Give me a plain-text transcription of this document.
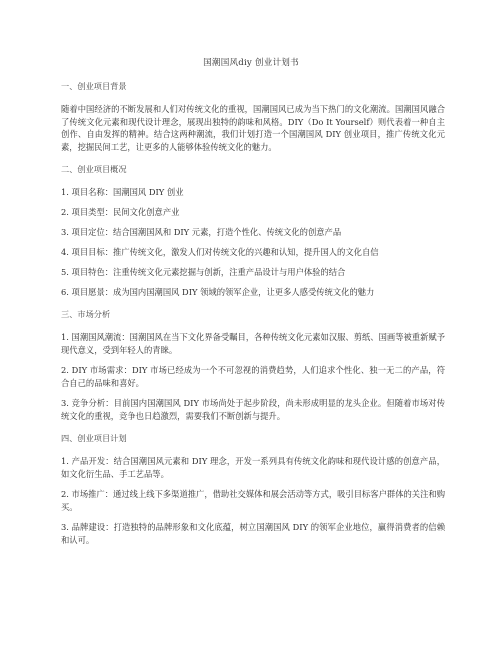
国潮国风diy 创业计划书

一、创业项目背景

随着中国经济的不断发展和人们对传统文化的重视，国潮国风已成为当下热门的文化潮流。国潮国风融合了传统文化元素和现代设计理念，展现出独特的韵味和风格。DIY（Do It Yourself）则代表着一种自主创作、自由发挥的精神。结合这两种潮流，我们计划打造一个国潮国风 DIY 创业项目，推广传统文化元素，挖掘民间工艺，让更多的人能够体验传统文化的魅力。

二、创业项目概况

1. 项目名称：国潮国风 DIY 创业

2. 项目类型：民间文化创意产业

3. 项目定位：结合国潮国风和 DIY 元素，打造个性化、传统文化的创意产品

4. 项目目标：推广传统文化，激发人们对传统文化的兴趣和认知，提升国人的文化自信

5. 项目特色：注重传统文化元素挖掘与创新，注重产品设计与用户体验的结合

6. 项目愿景：成为国内国潮国风 DIY 领域的领军企业，让更多人感受传统文化的魅力

三、市场分析

1. 国潮国风潮流：国潮国风在当下文化界备受瞩目，各种传统文化元素如汉服、剪纸、国画等被重新赋予现代意义，受到年轻人的青睐。

2. DIY 市场需求：DIY 市场已经成为一个不可忽视的消费趋势，人们追求个性化、独一无二的产品，符合自己的品味和喜好。

3. 竞争分析：目前国内国潮国风 DIY 市场尚处于起步阶段，尚未形成明显的龙头企业。但随着市场对传统文化的重视，竞争也日趋激烈，需要我们不断创新与提升。

四、创业项目计划

1. 产品开发：结合国潮国风元素和 DIY 理念，开发一系列具有传统文化韵味和现代设计感的创意产品，如文化衍生品、手工艺品等。

2. 市场推广：通过线上线下多渠道推广，借助社交媒体和展会活动等方式，吸引目标客户群体的关注和购买。

3. 品牌建设：打造独特的品牌形象和文化底蕴，树立国潮国风 DIY 的领军企业地位，赢得消费者的信赖和认可。
